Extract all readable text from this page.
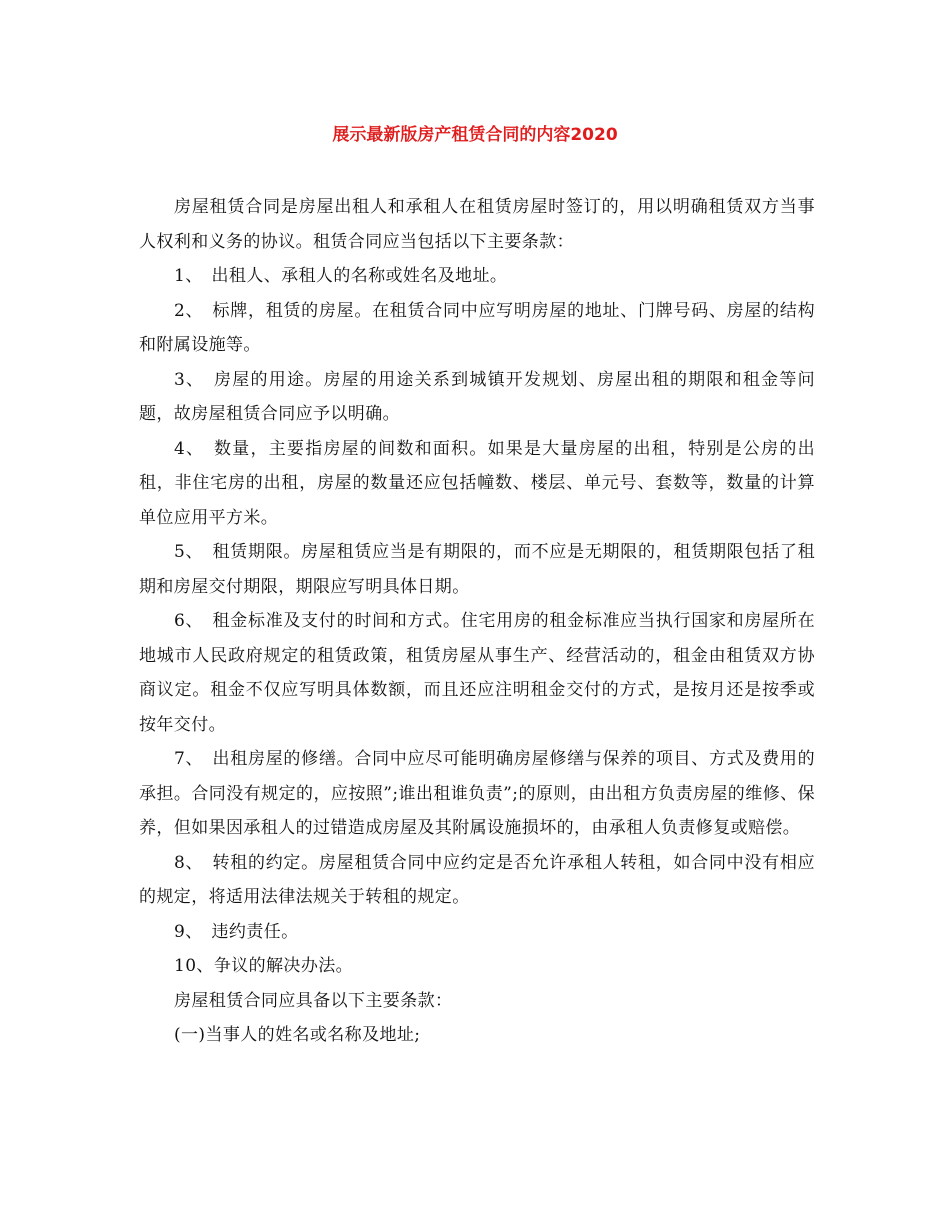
展示最新版房产租赁合同的内容2020

房屋租赁合同是房屋出租人和承租人在租赁房屋时签订的，用以明确租赁双方当事人权利和义务的协议。租赁合同应当包括以下主要条款：

1、　出租人、承租人的名称或姓名及地址。

2、　标牌，租赁的房屋。在租赁合同中应写明房屋的地址、门牌号码、房屋的结构和附属设施等。

3、　房屋的用途。房屋的用途关系到城镇开发规划、房屋出租的期限和租金等问题，故房屋租赁合同应予以明确。

4、　数量，主要指房屋的间数和面积。如果是大量房屋的出租，特别是公房的出租，非住宅房的出租，房屋的数量还应包括幢数、楼层、单元号、套数等，数量的计算单位应用平方米。

5、　租赁期限。房屋租赁应当是有期限的，而不应是无期限的，租赁期限包括了租期和房屋交付期限，期限应写明具体日期。

6、　租金标准及支付的时间和方式。住宅用房的租金标准应当执行国家和房屋所在地城市人民政府规定的租赁政策，租赁房屋从事生产、经营活动的，租金由租赁双方协商议定。租金不仅应写明具体数额，而且还应注明租金交付的方式，是按月还是按季或按年交付。

7、　出租房屋的修缮。合同中应尽可能明确房屋修缮与保养的项目、方式及费用的承担。合同没有规定的，应按照”;谁出租谁负责”;的原则，由出租方负责房屋的维修、保养，但如果因承租人的过错造成房屋及其附属设施损坏的，由承租人负责修复或赔偿。

8、　转租的约定。房屋租赁合同中应约定是否允许承租人转租，如合同中没有相应的规定，将适用法律法规关于转租的规定。

9、　违约责任。

10、争议的解决办法。

房屋租赁合同应具备以下主要条款：

(一)当事人的姓名或名称及地址;
